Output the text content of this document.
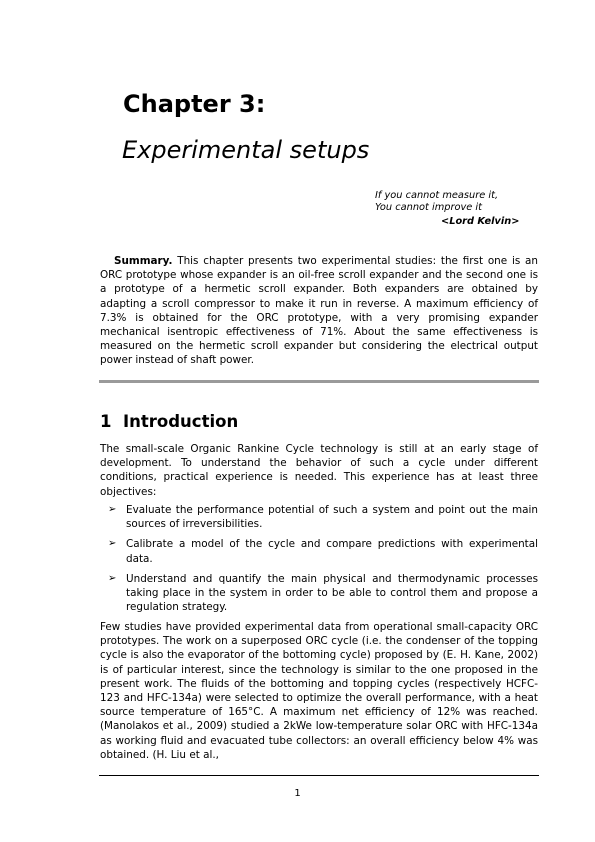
Chapter 3:
Experimental setups
If you cannot measure it,
You cannot improve it
<Lord Kelvin>

Summary. This chapter presents two experimental studies: the first one is an ORC prototype whose expander is an oil-free scroll expander and the second one is a prototype of a hermetic scroll expander. Both expanders are obtained by adapting a scroll compressor to make it run in reverse. A maximum efficiency of 7.3% is obtained for the ORC prototype, with a very promising expander mechanical isentropic effectiveness of 71%. About the same effectiveness is measured on the hermetic scroll expander but considering the electrical output power instead of shaft power.

1 Introduction

The small-scale Organic Rankine Cycle technology is still at an early stage of development. To understand the behavior of such a cycle under different conditions, practical experience is needed. This experience has at least three objectives:

➢ Evaluate the performance potential of such a system and point out the main sources of irreversibilities.
➢ Calibrate a model of the cycle and compare predictions with experimental data.
➢ Understand and quantify the main physical and thermodynamic processes taking place in the system in order to be able to control them and propose a regulation strategy.

Few studies have provided experimental data from operational small-capacity ORC prototypes. The work on a superposed ORC cycle (i.e. the condenser of the topping cycle is also the evaporator of the bottoming cycle) proposed by (E. H. Kane, 2002) is of particular interest, since the technology is similar to the one proposed in the present work. The fluids of the bottoming and topping cycles (respectively HCFC-123 and HFC-134a) were selected to optimize the overall performance, with a heat source temperature of 165°C. A maximum net efficiency of 12% was reached. (Manolakos et al., 2009) studied a 2kWe low-temperature solar ORC with HFC-134a as working fluid and evacuated tube collectors: an overall efficiency below 4% was obtained. (H. Liu et al.,

1
